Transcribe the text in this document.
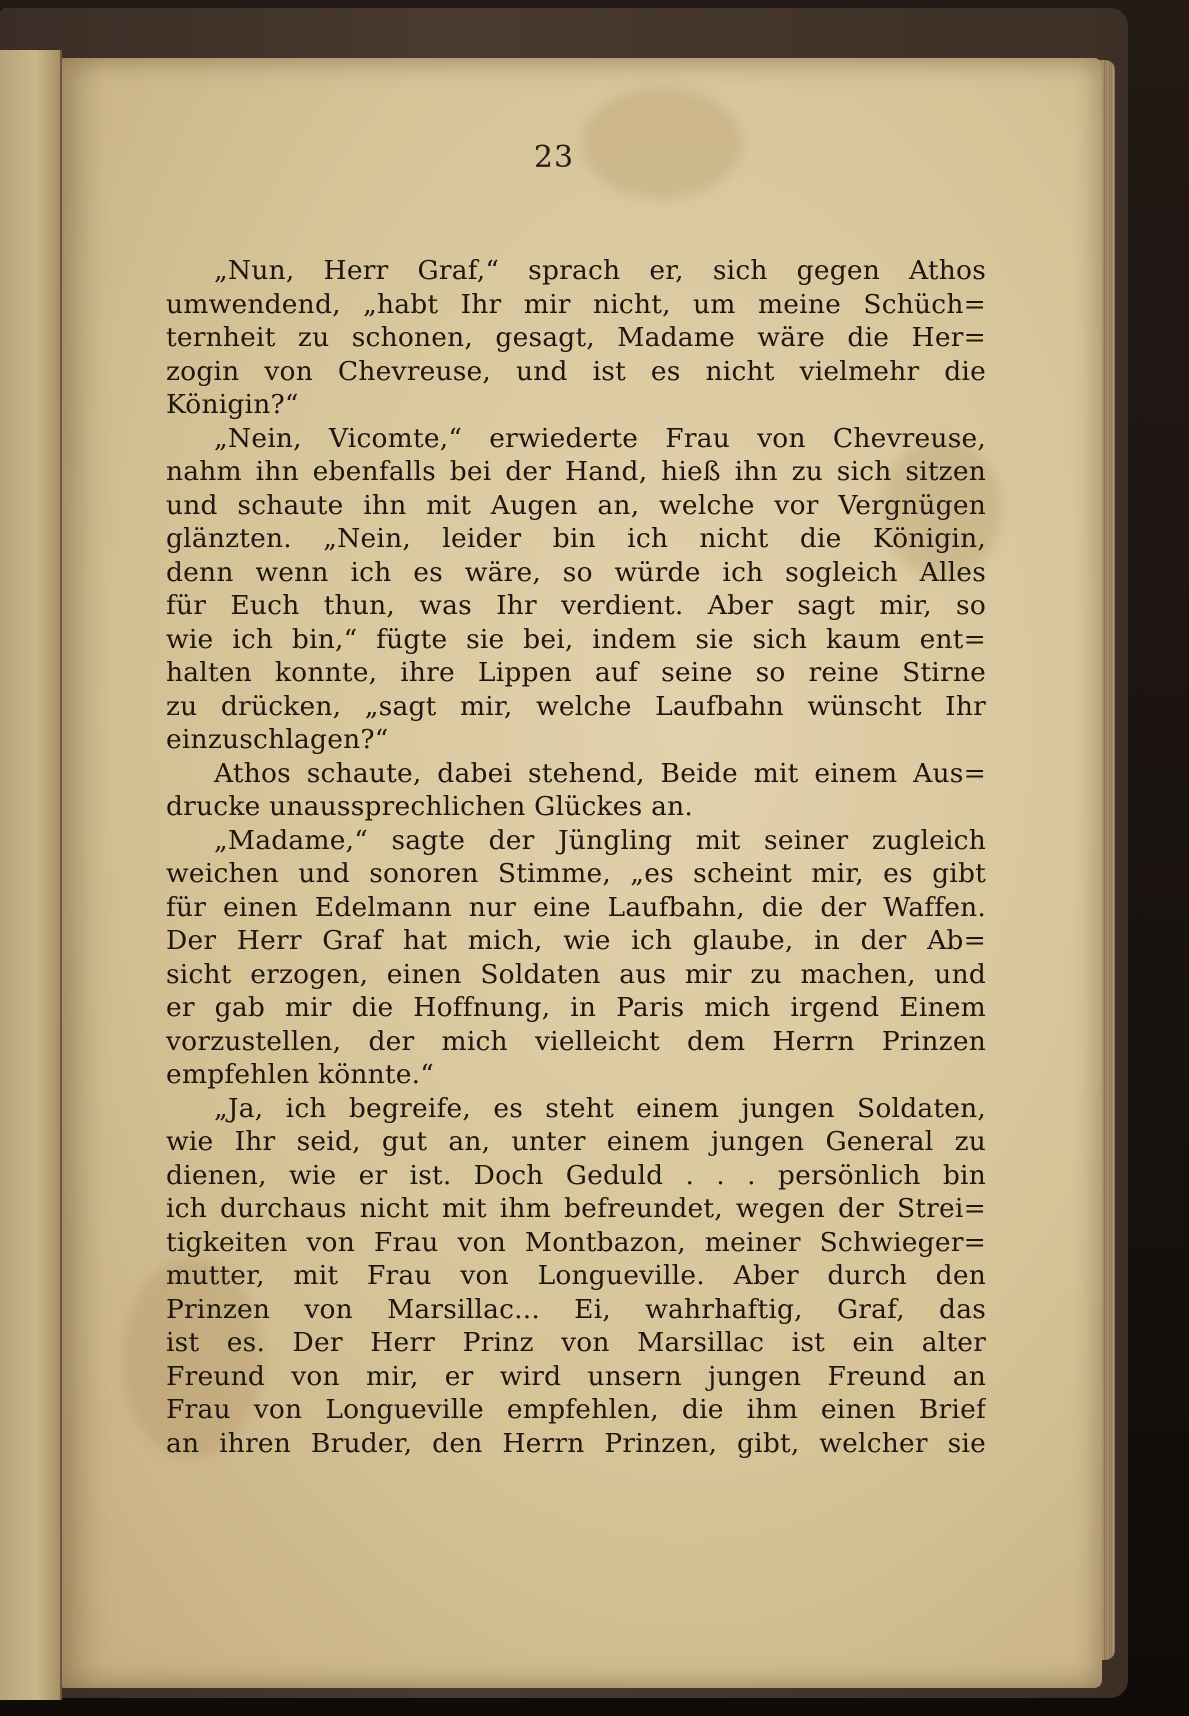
23
„Nun, Herr Graf,“ sprach er, sich gegen Athos
umwendend, „habt Ihr mir nicht, um meine Schüch=
ternheit zu schonen, gesagt, Madame wäre die Her=
zogin von Chevreuse, und ist es nicht vielmehr die
Königin?“
„Nein, Vicomte,“ erwiederte Frau von Chevreuse,
nahm ihn ebenfalls bei der Hand, hieß ihn zu sich sitzen
und schaute ihn mit Augen an, welche vor Vergnügen
glänzten. „Nein, leider bin ich nicht die Königin,
denn wenn ich es wäre, so würde ich sogleich Alles
für Euch thun, was Ihr verdient. Aber sagt mir, so
wie ich bin,“ fügte sie bei, indem sie sich kaum ent=
halten konnte, ihre Lippen auf seine so reine Stirne
zu drücken, „sagt mir, welche Laufbahn wünscht Ihr
einzuschlagen?“
Athos schaute, dabei stehend, Beide mit einem Aus=
drucke unaussprechlichen Glückes an.
„Madame,“ sagte der Jüngling mit seiner zugleich
weichen und sonoren Stimme, „es scheint mir, es gibt
für einen Edelmann nur eine Laufbahn, die der Waffen.
Der Herr Graf hat mich, wie ich glaube, in der Ab=
sicht erzogen, einen Soldaten aus mir zu machen, und
er gab mir die Hoffnung, in Paris mich irgend Einem
vorzustellen, der mich vielleicht dem Herrn Prinzen
empfehlen könnte.“
„Ja, ich begreife, es steht einem jungen Soldaten,
wie Ihr seid, gut an, unter einem jungen General zu
dienen, wie er ist. Doch Geduld . . . persönlich bin
ich durchaus nicht mit ihm befreundet, wegen der Strei=
tigkeiten von Frau von Montbazon, meiner Schwieger=
mutter, mit Frau von Longueville. Aber durch den
Prinzen von Marsillac... Ei, wahrhaftig, Graf, das
ist es. Der Herr Prinz von Marsillac ist ein alter
Freund von mir, er wird unsern jungen Freund an
Frau von Longueville empfehlen, die ihm einen Brief
an ihren Bruder, den Herrn Prinzen, gibt, welcher sie
